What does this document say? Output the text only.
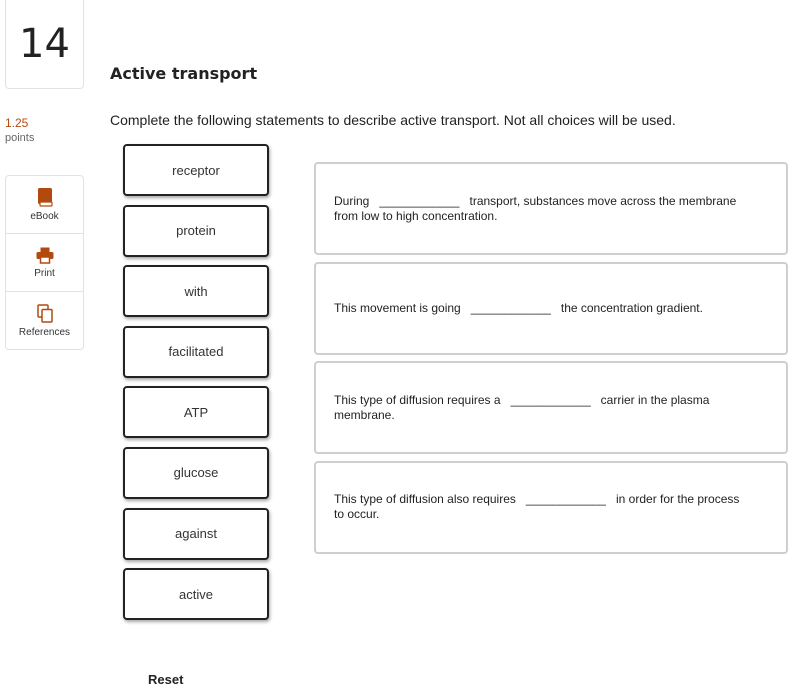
14
1.25
points
eBook
Print
References
Active transport
Complete the following statements to describe active transport. Not all choices will be used.
receptor
protein
with
facilitated
ATP
glucose
against
active
During ____________ transport, substances move across the membrane from low to high concentration.
This movement is going ____________ the concentration gradient.
This type of diffusion requires a ____________ carrier in the plasma membrane.
This type of diffusion also requires ____________ in order for the process to occur.
Reset
